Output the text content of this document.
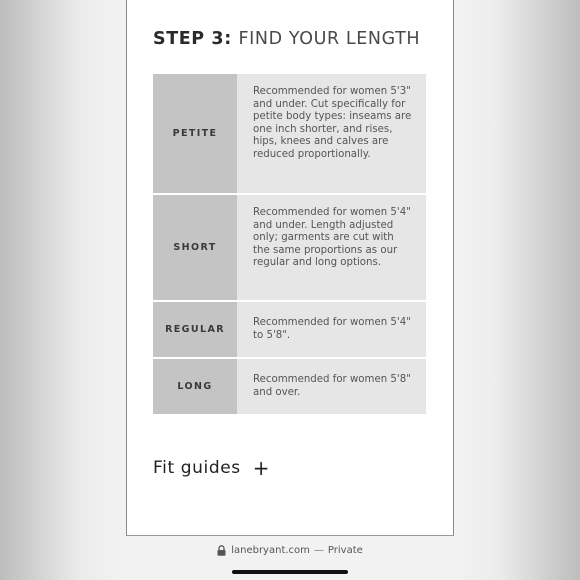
STEP 3: FIND YOUR LENGTH
PETITE
Recommended for women 5'3" and under. Cut specifically for petite body types: inseams are one inch shorter, and rises, hips, knees and calves are reduced proportionally.
SHORT
Recommended for women 5'4" and under. Length adjusted only; garments are cut with the same proportions as our regular and long options.
REGULAR
Recommended for women 5'4" to 5'8".
LONG
Recommended for women 5'8" and over.
Fit guides +
lanebryant.com — Private
